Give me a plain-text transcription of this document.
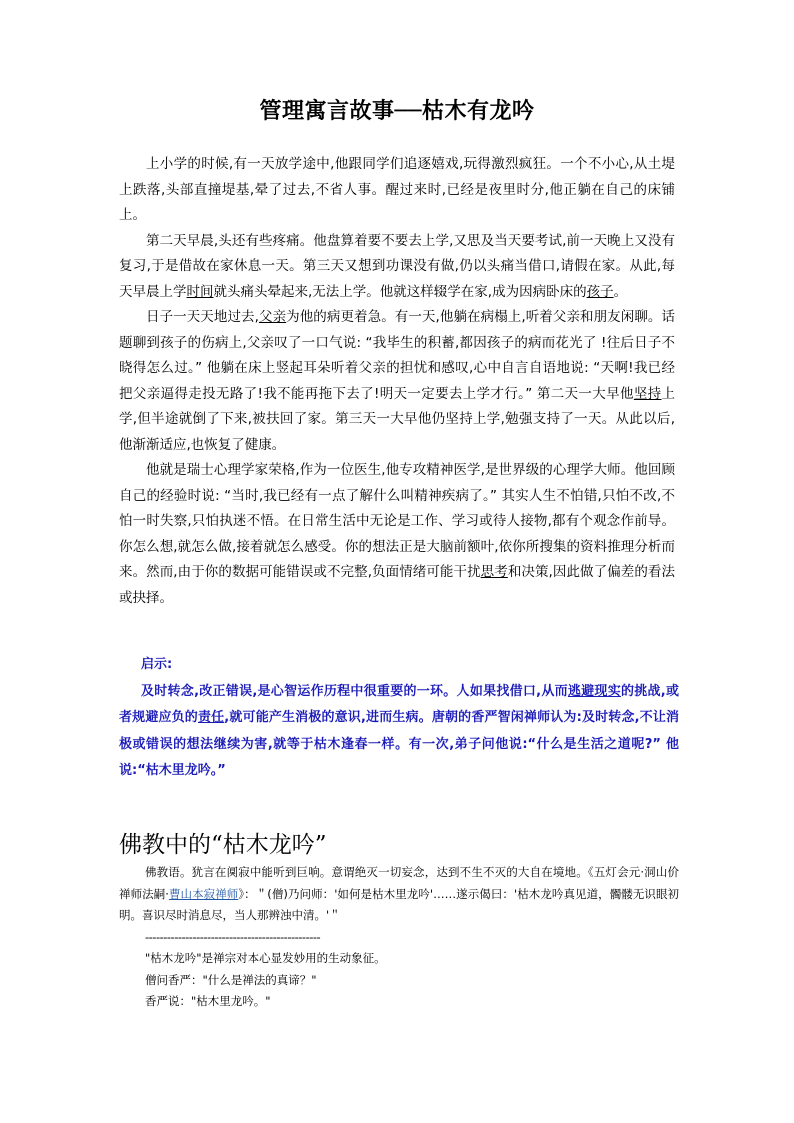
管理寓言故事──枯木有龙吟

上小学的时候,有一天放学途中,他跟同学们追逐嬉戏,玩得激烈疯狂。一个不小心,从土堤上跌落,头部直撞堤基,晕了过去,不省人事。醒过来时,已经是夜里时分,他正躺在自己的床铺上。

第二天早晨,头还有些疼痛。他盘算着要不要去上学,又思及当天要考试,前一天晚上又没有复习,于是借故在家休息一天。第三天又想到功课没有做,仍以头痛当借口,请假在家。从此,每天早晨上学时间就头痛头晕起来,无法上学。他就这样辍学在家,成为因病卧床的孩子。

日子一天天地过去,父亲为他的病更着急。有一天,他躺在病榻上,听着父亲和朋友闲聊。话题聊到孩子的伤病上,父亲叹了一口气说: “我毕生的积蓄,都因孩子的病而花光了 !往后日子不晓得怎么过。” 他躺在床上竖起耳朵听着父亲的担忧和感叹,心中自言自语地说: “天啊!我已经把父亲逼得走投无路了!我不能再拖下去了!明天一定要去上学才行。” 第二天一大早他坚持上学,但半途就倒了下来,被扶回了家。第三天一大早他仍坚持上学,勉强支持了一天。从此以后,他渐渐适应,也恢复了健康。

他就是瑞士心理学家荣格,作为一位医生,他专攻精神医学,是世界级的心理学大师。他回顾自己的经验时说: “当时,我已经有一点了解什么叫精神疾病了。” 其实人生不怕错,只怕不改,不怕一时失察,只怕执迷不悟。在日常生活中无论是工作、学习或待人接物,都有个观念作前导。你怎么想,就怎么做,接着就怎么感受。你的想法正是大脑前额叶,依你所搜集的资料推理分析而来。然而,由于你的数据可能错误或不完整,负面情绪可能干扰思考和决策,因此做了偏差的看法或抉择。

启示:
及时转念,改正错误,是心智运作历程中很重要的一环。人如果找借口,从而逃避现实的挑战,或者规避应负的责任,就可能产生消极的意识,进而生病。唐朝的香严智闲禅师认为:及时转念,不让消极或错误的想法继续为害,就等于枯木逢春一样。有一次,弟子问他说:“什么是生活之道呢?” 他说:“枯木里龙吟。”
佛教中的“枯木龙吟”

佛教语。犹言在阒寂中能听到巨响。意谓绝灭一切妄念，达到不生不灭的大自在境地。《五灯会元·洞山价禅师法嗣·曹山本寂禅师》：＂(僧)乃问师：'如何是枯木里龙吟'……遂示偈曰：'枯木龙吟真见道，髑髅无识眼初明。喜识尽时消息尽，当人那辨浊中清。'＂

------------------------------------------------

"枯木龙吟"是禅宗对本心显发妙用的生动象征。

僧问香严："什么是禅法的真谛？"

香严说："枯木里龙吟。"
